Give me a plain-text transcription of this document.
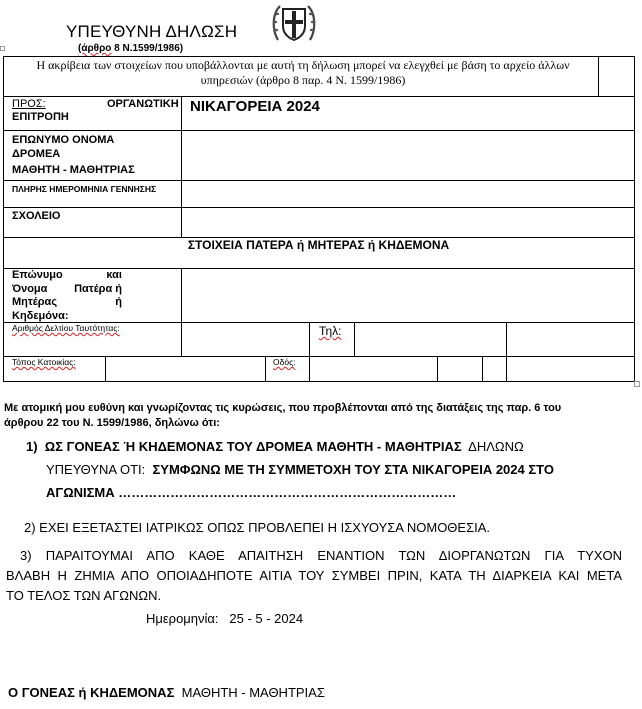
ΥΠΕΥΘΥΝΗ ΔΗΛΩΣΗ
(άρθρο 8 Ν.1599/1986)
Η ακρίβεια των στοιχείων που υποβάλλονται με αυτή τη δήλωση μπορεί να ελεγχθεί με βάση το αρχείο άλλων
υπηρεσιών (άρθρο 8 παρ. 4 Ν. 1599/1986)
ΠΡΟΣ:	ΟΡΓΑΝΩΤΙΚΗ
ΕΠΙΤΡΟΠΗ
ΝΙΚΑΓΟΡΕΙΑ 2024
ΕΠΩΝΥΜΟ ΟΝΟΜΑ
ΔΡΟΜΕΑ
ΜΑΘΗΤΗ - ΜΑΘΗΤΡΙΑΣ
ΠΛΗΡΗΣ ΗΜΕΡΟΜΗΝΙΑ ΓΕΝΝΗΣΗΣ
ΣΧΟΛΕΙΟ
ΣΤΟΙΧΕΙΑ ΠΑΤΕΡΑ ή ΜΗΤΕΡΑΣ ή ΚΗΔΕΜΟΝΑ
Επώνυμο	και
Όνομα Πατέρα ή
Μητέρας	ή
Κηδεμόνα:
Αριθμός Δελτίου Ταυτότητας:	Τηλ:
Τόπος Κατοικίας:	Οδός:
Με ατομική μου ευθύνη και γνωρίζοντας τις κυρώσεις, που προβλέπονται από της διατάξεις της παρ. 6 του
άρθρου 22 του Ν. 1599/1986, δηλώνω ότι:
1) ΩΣ ΓΟΝΕΑΣ Ή ΚΗΔΕΜΟΝΑΣ ΤΟΥ ΔΡΟΜΕΑ ΜΑΘΗΤΗ - ΜΑΘΗΤΡΙΑΣ ΔΗΛΩΝΩ
ΥΠΕΥΘΥΝΑ ΟΤΙ: ΣΥΜΦΩΝΩ ΜΕ ΤΗ ΣΥΜΜΕΤΟΧΗ ΤΟΥ ΣΤΑ ΝΙΚΑΓΟΡΕΙΑ 2024 ΣΤΟ
ΑΓΩΝΙΣΜΑ ……………………………………………………………………
2) ΕΧΕΙ ΕΞΕΤΑΣΤΕΙ ΙΑΤΡΙΚΩΣ ΟΠΩΣ ΠΡΟΒΛΕΠΕΙ Η ΙΣΧΥΟΥΣΑ ΝΟΜΟΘΕΣΙΑ.
3) ΠΑΡΑΙΤΟΥΜΑΙ ΑΠΟ ΚΑΘΕ ΑΠΑΙΤΗΣΗ ΕΝΑΝΤΙΟΝ ΤΩΝ ΔΙΟΡΓΑΝΩΤΩΝ ΓΙΑ ΤΥΧΟΝ
ΒΛΑΒΗ Η ΖΗΜΙΑ ΑΠΟ ΟΠΟΙΑΔΗΠΟΤΕ ΑΙΤΙΑ ΤΟΥ ΣΥΜΒΕΙ ΠΡΙΝ, ΚΑΤΑ ΤΗ ΔΙΑΡΚΕΙΑ ΚΑΙ ΜΕΤΑ
ΤΟ ΤΕΛΟΣ ΤΩΝ ΑΓΩΝΩΝ.
Ημερομηνία: 25 - 5 - 2024
Ο ΓΟΝΕΑΣ ή ΚΗΔΕΜΟΝΑΣ ΜΑΘΗΤΗ - ΜΑΘΗΤΡΙΑΣ
